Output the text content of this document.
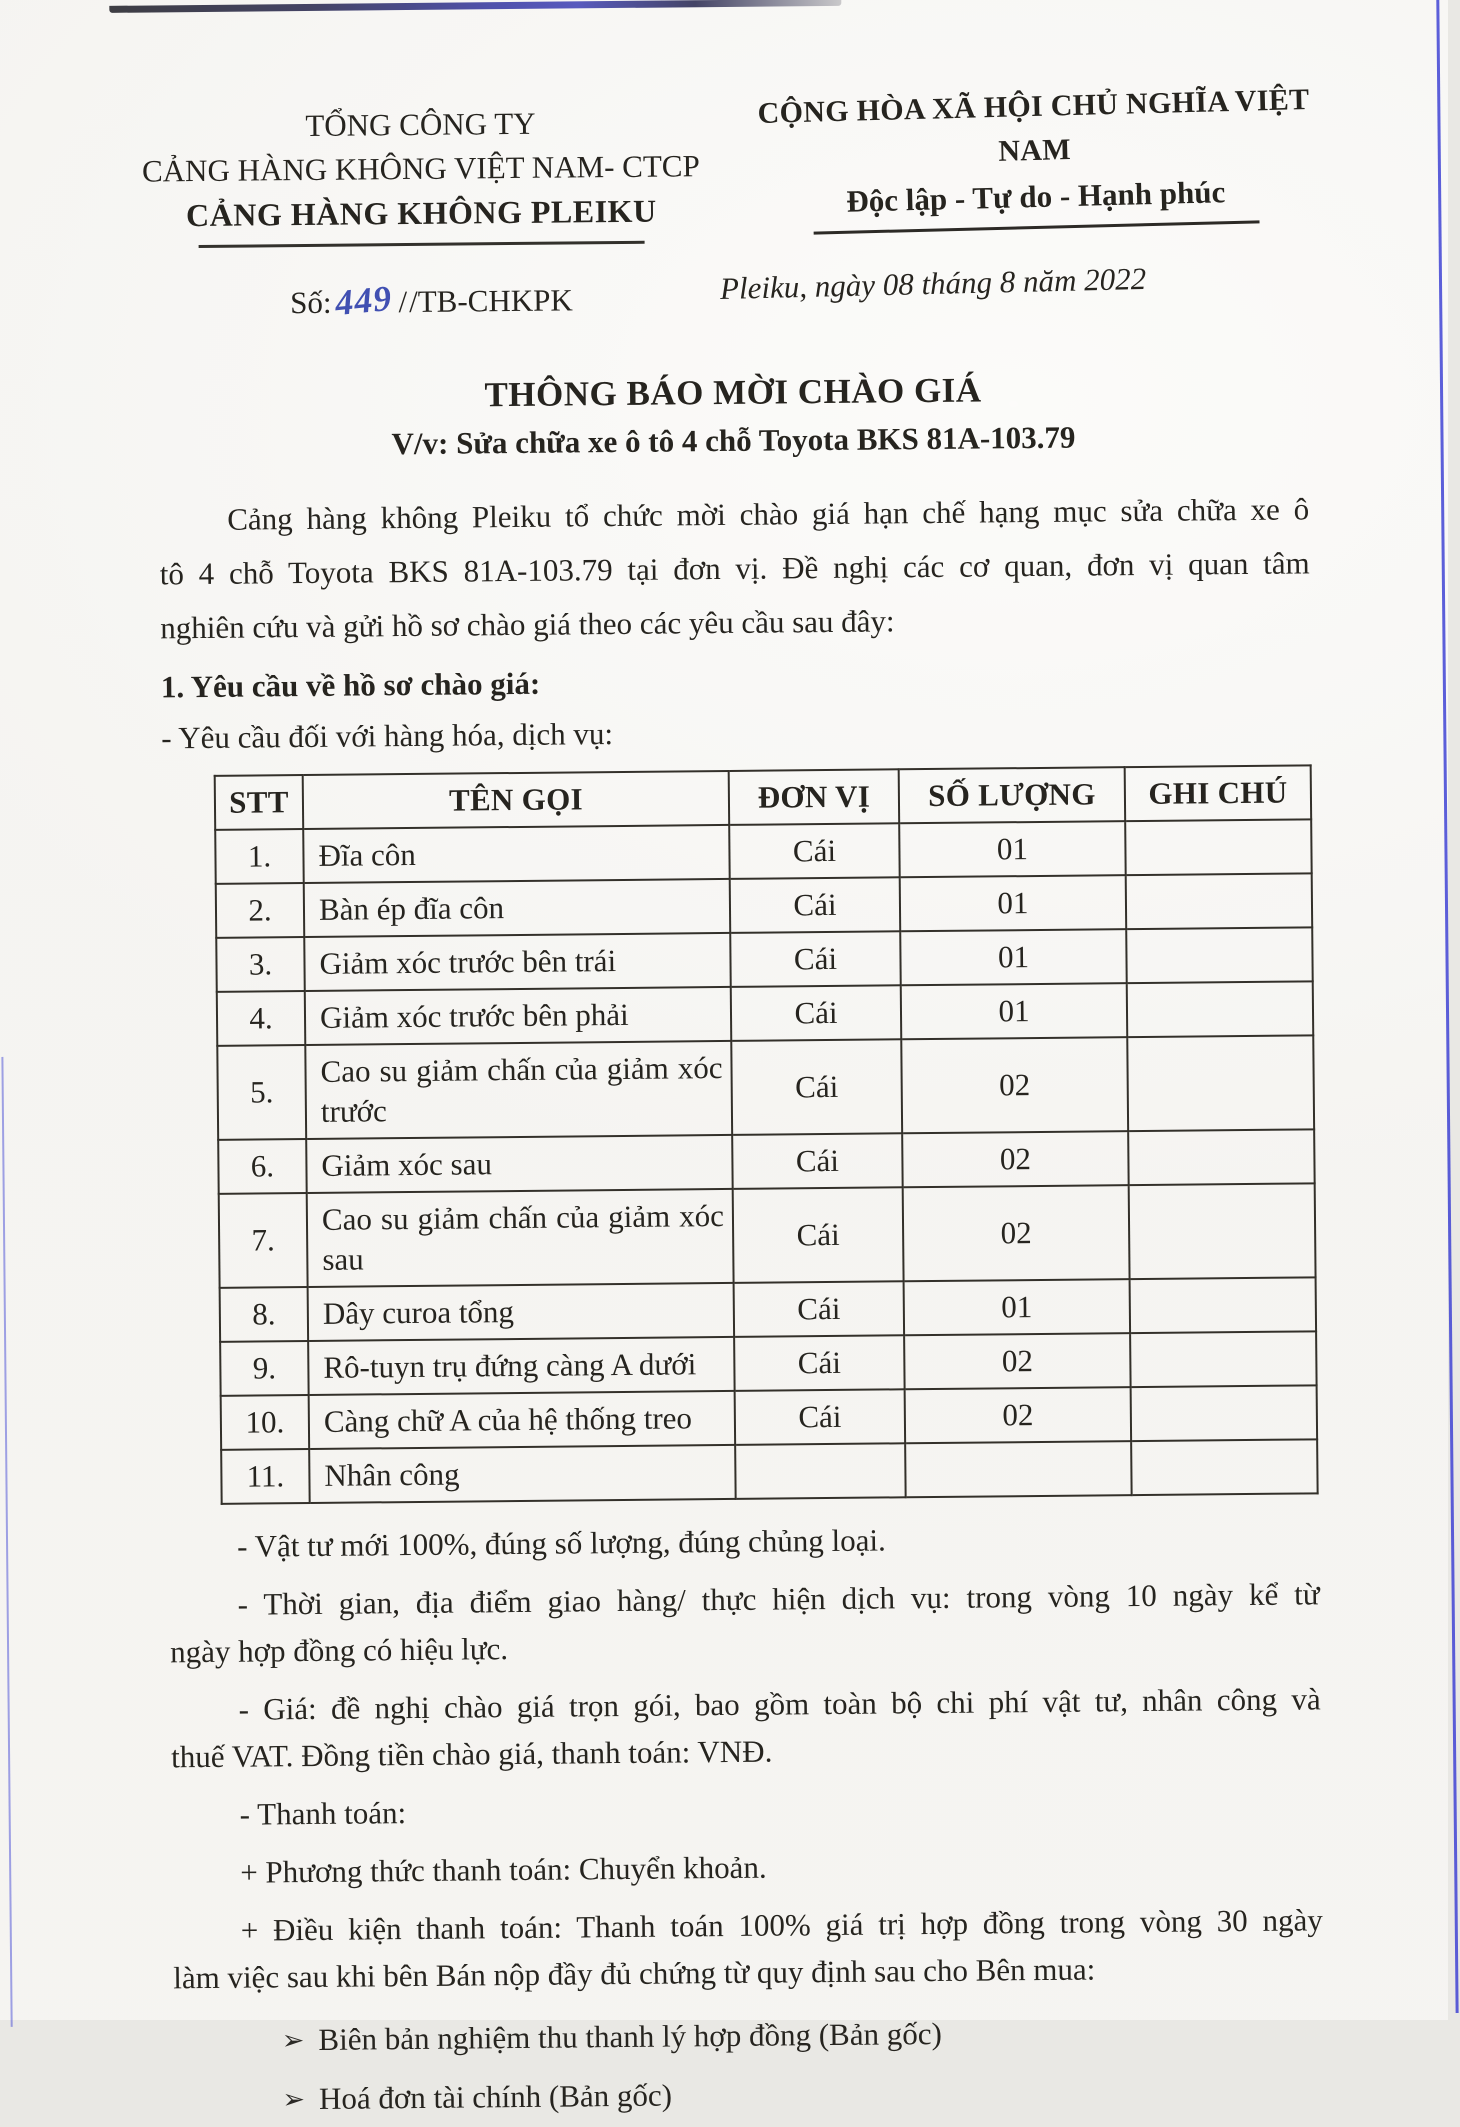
TỔNG CÔNG TY
CẢNG HÀNG KHÔNG VIỆT NAM- CTCP
CẢNG HÀNG KHÔNG PLEIKU
CỘNG HÒA XÃ HỘI CHỦ NGHĨA VIỆT NAM
Độc lập - Tự do - Hạnh phúc
Số:449 //TB-CHKPK	Pleiku, ngày 08 tháng 8 năm 2022
THÔNG BÁO MỜI CHÀO GIÁ
V/v: Sửa chữa xe ô tô 4 chỗ Toyota BKS 81A-103.79
Cảng hàng không Pleiku tổ chức mời chào giá hạn chế hạng mục sửa chữa xe ô
tô 4 chỗ Toyota BKS 81A-103.79 tại đơn vị. Đề nghị các cơ quan, đơn vị quan tâm
nghiên cứu và gửi hồ sơ chào giá theo các yêu cầu sau đây:
1. Yêu cầu về hồ sơ chào giá:
- Yêu cầu đối với hàng hóa, dịch vụ:
STT	TÊN GỌI	ĐƠN VỊ	SỐ LƯỢNG	GHI CHÚ
1.	Đĩa côn	Cái	01	
2.	Bàn ép đĩa côn	Cái	01	
3.	Giảm xóc trước bên trái	Cái	01	
4.	Giảm xóc trước bên phải	Cái	01	
5.	Cao su giảm chấn của giảm xóc trước	Cái	02	
6.	Giảm xóc sau	Cái	02	
7.	Cao su giảm chấn của giảm xóc sau	Cái	02	
8.	Dây curoa tổng	Cái	01	
9.	Rô-tuyn trụ đứng càng A dưới	Cái	02	
10.	Càng chữ A của hệ thống treo	Cái	02	
11.	Nhân công			
- Vật tư mới 100%, đúng số lượng, đúng chủng loại.
- Thời gian, địa điểm giao hàng/ thực hiện dịch vụ: trong vòng 10 ngày kể từ
ngày hợp đồng có hiệu lực.
- Giá: đề nghị chào giá trọn gói, bao gồm toàn bộ chi phí vật tư, nhân công và
thuế VAT. Đồng tiền chào giá, thanh toán: VNĐ.
- Thanh toán:
+ Phương thức thanh toán: Chuyển khoản.
+ Điều kiện thanh toán: Thanh toán 100% giá trị hợp đồng trong vòng 30 ngày
làm việc sau khi bên Bán nộp đầy đủ chứng từ quy định sau cho Bên mua:
➢ Biên bản nghiệm thu thanh lý hợp đồng (Bản gốc)
➢ Hoá đơn tài chính (Bản gốc)
